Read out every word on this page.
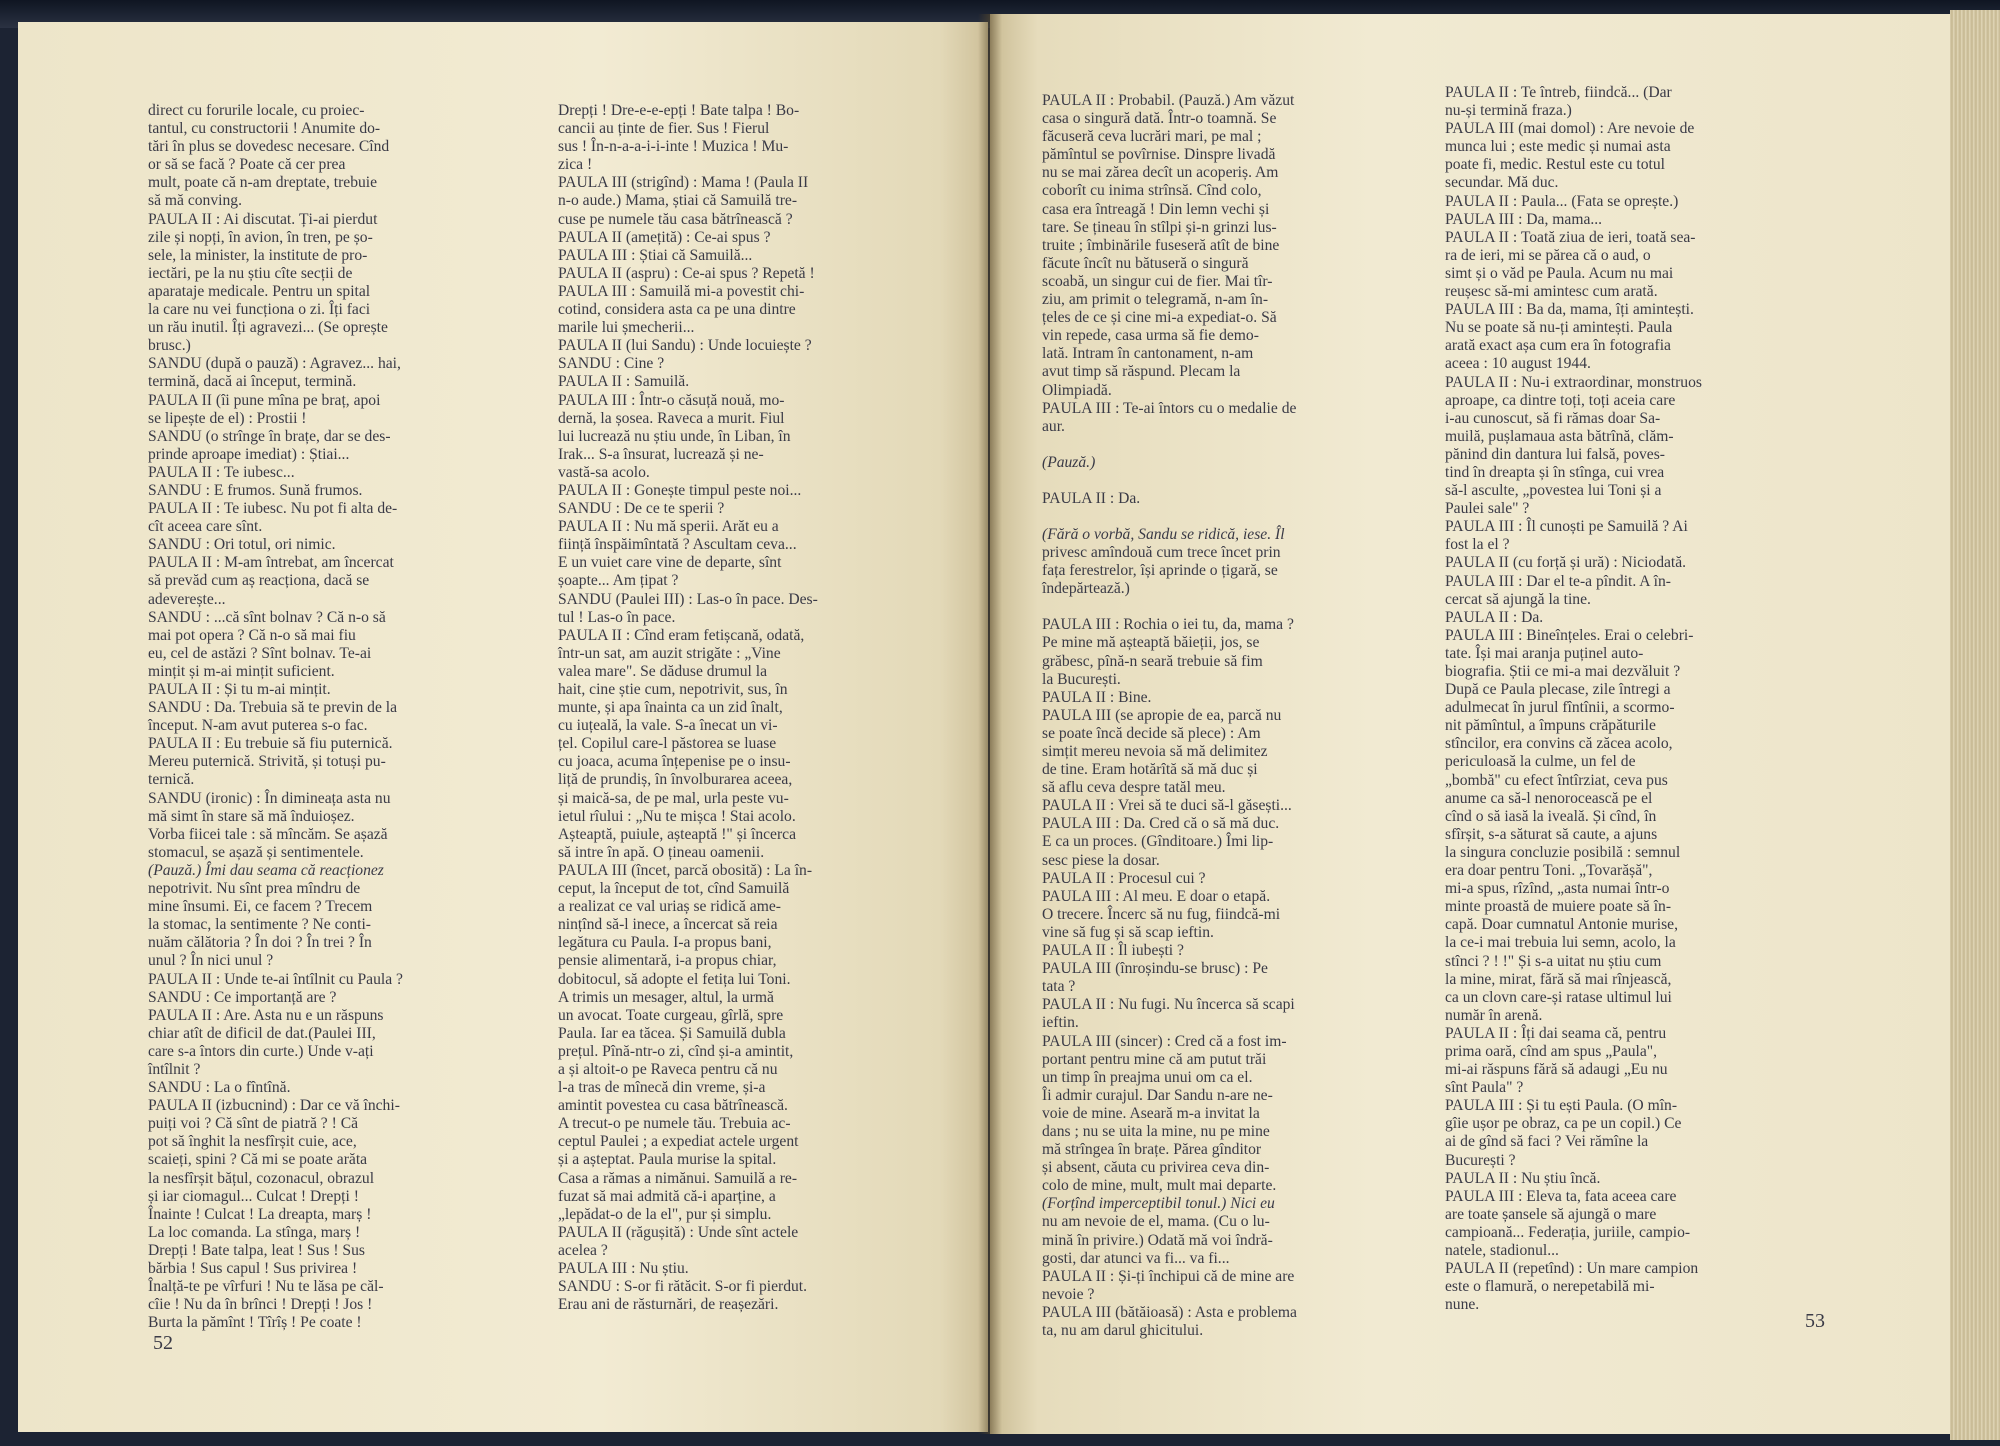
direct cu forurile locale, cu proiec-

tantul, cu constructorii ! Anumite do-

tări în plus se dovedesc necesare. Cînd

or să se facă ? Poate că cer prea

mult, poate că n-am dreptate, trebuie

să mă conving.

PAULA II : Ai discutat. Ți-ai pierdut

zile și nopți, în avion, în tren, pe șo-

sele, la minister, la institute de pro-

iectări, pe la nu știu cîte secții de

aparataje medicale. Pentru un spital

la care nu vei funcționa o zi. Îți faci

un rău inutil. Îți agravezi... (Se oprește

brusc.)

SANDU (după o pauză) : Agravez... hai,

termină, dacă ai început, termină.

PAULA II (îi pune mîna pe braț, apoi

se lipește de el) : Prostii !

SANDU (o strînge în brațe, dar se des-

prinde aproape imediat) : Știai...

PAULA II : Te iubesc...

SANDU : E frumos. Sună frumos.

PAULA II : Te iubesc. Nu pot fi alta de-

cît aceea care sînt.

SANDU : Ori totul, ori nimic.

PAULA II : M-am întrebat, am încercat

să prevăd cum aș reacționa, dacă se

adeverește...

SANDU : ...că sînt bolnav ? Că n-o să

mai pot opera ? Că n-o să mai fiu

eu, cel de astăzi ? Sînt bolnav. Te-ai

mințit și m-ai mințit suficient.

PAULA II : Și tu m-ai mințit.

SANDU : Da. Trebuia să te previn de la

început. N-am avut puterea s-o fac.

PAULA II : Eu trebuie să fiu puternică.

Mereu puternică. Strivită, și totuși pu-

ternică.

SANDU (ironic) : În dimineața asta nu

mă simt în stare să mă înduioșez.

Vorba fiicei tale : să mîncăm. Se așază

stomacul, se așază și sentimentele.

(Pauză.) Îmi dau seama că reacționez

nepotrivit. Nu sînt prea mîndru de

mine însumi. Ei, ce facem ? Trecem

la stomac, la sentimente ? Ne conti-

nuăm călătoria ? În doi ? În trei ? În

unul ? În nici unul ?

PAULA II : Unde te-ai întîlnit cu Paula ?

SANDU : Ce importanță are ?

PAULA II : Are. Asta nu e un răspuns

chiar atît de dificil de dat.(Paulei III,

care s-a întors din curte.) Unde v-ați

întîlnit ?

SANDU : La o fîntînă.

PAULA II (izbucnind) : Dar ce vă închi-

puiți voi ? Că sînt de piatră ? ! Că

pot să înghit la nesfîrșit cuie, ace,

scaieți, spini ? Că mi se poate arăta

la nesfîrșit bățul, cozonacul, obrazul

și iar ciomagul... Culcat ! Drepți !

Înainte ! Culcat ! La dreapta, marș !

La loc comanda. La stînga, marș !

Drepți ! Bate talpa, leat ! Sus ! Sus

bărbia ! Sus capul ! Sus privirea !

Înalță-te pe vîrfuri ! Nu te lăsa pe căl-

cîie ! Nu da în brînci ! Drepți ! Jos !

Burta la pămînt ! Tîrîș ! Pe coate !

Drepți ! Dre-e-e-epți ! Bate talpa ! Bo-

cancii au ținte de fier. Sus ! Fierul

sus ! În-n-a-a-i-i-inte ! Muzica ! Mu-

zica !

PAULA III (strigînd) : Mama ! (Paula II

n-o aude.) Mama, știai că Samuilă tre-

cuse pe numele tău casa bătrînească ?

PAULA II (amețită) : Ce-ai spus ?

PAULA III : Știai că Samuilă...

PAULA II (aspru) : Ce-ai spus ? Repetă !

PAULA III : Samuilă mi-a povestit chi-

cotind, considera asta ca pe una dintre

marile lui șmecherii...

PAULA II (lui Sandu) : Unde locuiește ?

SANDU : Cine ?

PAULA II : Samuilă.

PAULA III : Într-o căsuță nouă, mo-

dernă, la șosea. Raveca a murit. Fiul

lui lucrează nu știu unde, în Liban, în

Irak... S-a însurat, lucrează și ne-

vastă-sa acolo.

PAULA II : Gonește timpul peste noi...

SANDU : De ce te sperii ?

PAULA II : Nu mă sperii. Arăt eu a

ființă înspăimîntată ? Ascultam ceva...

E un vuiet care vine de departe, sînt

șoapte... Am țipat ?

SANDU (Paulei III) : Las-o în pace. Des-

tul ! Las-o în pace.

PAULA II : Cînd eram fetișcană, odată,

într-un sat, am auzit strigăte : „Vine

valea mare". Se dăduse drumul la

hait, cine știe cum, nepotrivit, sus, în

munte, și apa înainta ca un zid înalt,

cu iuțeală, la vale. S-a înecat un vi-

țel. Copilul care-l păstorea se luase

cu joaca, acuma înțepenise pe o insu-

liță de prundiș, în învolburarea aceea,

și maică-sa, de pe mal, urla peste vu-

ietul rîului : „Nu te mișca ! Stai acolo.

Așteaptă, puiule, așteaptă !" și încerca

să intre în apă. O țineau oamenii.

PAULA III (încet, parcă obosită) : La în-

ceput, la început de tot, cînd Samuilă

a realizat ce val uriaș se ridică ame-

nințînd să-l inece, a încercat să reia

legătura cu Paula. I-a propus bani,

pensie alimentară, i-a propus chiar,

dobitocul, să adopte el fetița lui Toni.

A trimis un mesager, altul, la urmă

un avocat. Toate curgeau, gîrlă, spre

Paula. Iar ea tăcea. Și Samuilă dubla

prețul. Pînă-ntr-o zi, cînd și-a amintit,

a și altoit-o pe Raveca pentru că nu

l-a tras de mînecă din vreme, și-a

amintit povestea cu casa bătrînească.

A trecut-o pe numele tău. Trebuia ac-

ceptul Paulei ; a expediat actele urgent

și a așteptat. Paula murise la spital.

Casa a rămas a nimănui. Samuilă a re-

fuzat să mai admită că-i aparține, a

„lepădat-o de la el", pur și simplu.

PAULA II (răgușită) : Unde sînt actele

acelea ?

PAULA III : Nu știu.

SANDU : S-or fi rătăcit. S-or fi pierdut.

Erau ani de răsturnări, de reașezări.

52

PAULA II : Probabil. (Pauză.) Am văzut

casa o singură dată. Într-o toamnă. Se

făcuseră ceva lucrări mari, pe mal ;

pămîntul se povîrnise. Dinspre livadă

nu se mai zărea decît un acoperiș. Am

coborît cu inima strînsă. Cînd colo,

casa era întreagă ! Din lemn vechi și

tare. Se țineau în stîlpi și-n grinzi lus-

truite ; îmbinările fuseseră atît de bine

făcute încît nu bătuseră o singură

scoabă, un singur cui de fier. Mai tîr-

ziu, am primit o telegramă, n-am în-

țeles de ce și cine mi-a expediat-o. Să

vin repede, casa urma să fie demo-

lată. Intram în cantonament, n-am

avut timp să răspund. Plecam la

Olimpiadă.

PAULA III : Te-ai întors cu o medalie de

aur.

(Pauză.)

PAULA II : Da.

(Fără o vorbă, Sandu se ridică, iese. Îl

privesc amîndouă cum trece încet prin

fața ferestrelor, își aprinde o țigară, se

îndepărtează.)

PAULA III : Rochia o iei tu, da, mama ?

Pe mine mă așteaptă băieții, jos, se

grăbesc, pînă-n seară trebuie să fim

la București.

PAULA II : Bine.

PAULA III (se apropie de ea, parcă nu

se poate încă decide să plece) : Am

simțit mereu nevoia să mă delimitez

de tine. Eram hotărîtă să mă duc și

să aflu ceva despre tatăl meu.

PAULA II : Vrei să te duci să-l găsești...

PAULA III : Da. Cred că o să mă duc.

E ca un proces. (Gînditoare.) Îmi lip-

sesc piese la dosar.

PAULA II : Procesul cui ?

PAULA III : Al meu. E doar o etapă.

O trecere. Încerc să nu fug, fiindcă-mi

vine să fug și să scap ieftin.

PAULA II : Îl iubești ?

PAULA III (înroșindu-se brusc) : Pe

tata ?

PAULA II : Nu fugi. Nu încerca să scapi

ieftin.

PAULA III (sincer) : Cred că a fost im-

portant pentru mine că am putut trăi

un timp în preajma unui om ca el.

Îi admir curajul. Dar Sandu n-are ne-

voie de mine. Aseară m-a invitat la

dans ; nu se uita la mine, nu pe mine

mă strîngea în brațe. Părea gînditor

și absent, căuta cu privirea ceva din-

colo de mine, mult, mult mai departe.

(Forțînd imperceptibil tonul.) Nici eu

nu am nevoie de el, mama. (Cu o lu-

mină în privire.) Odată mă voi îndră-

gosti, dar atunci va fi... va fi...

PAULA II : Și-ți închipui că de mine are

nevoie ?

PAULA III (bătăioasă) : Asta e problema

ta, nu am darul ghicitului.

PAULA II : Te întreb, fiindcă... (Dar

nu-și termină fraza.)

PAULA III (mai domol) : Are nevoie de

munca lui ; este medic și numai asta

poate fi, medic. Restul este cu totul

secundar. Mă duc.

PAULA II : Paula... (Fata se oprește.)

PAULA III : Da, mama...

PAULA II : Toată ziua de ieri, toată sea-

ra de ieri, mi se părea că o aud, o

simt și o văd pe Paula. Acum nu mai

reușesc să-mi amintesc cum arată.

PAULA III : Ba da, mama, îți amintești.

Nu se poate să nu-ți amintești. Paula

arată exact așa cum era în fotografia

aceea : 10 august 1944.

PAULA II : Nu-i extraordinar, monstruos

aproape, ca dintre toți, toți aceia care

i-au cunoscut, să fi rămas doar Sa-

muilă, pușlamaua asta bătrînă, clăm-

pănind din dantura lui falsă, poves-

tind în dreapta și în stînga, cui vrea

să-l asculte, „povestea lui Toni și a

Paulei sale" ?

PAULA III : Îl cunoști pe Samuilă ? Ai

fost la el ?

PAULA II (cu forță și ură) : Niciodată.

PAULA III : Dar el te-a pîndit. A în-

cercat să ajungă la tine.

PAULA II : Da.

PAULA III : Bineînțeles. Erai o celebri-

tate. Își mai aranja puținel auto-

biografia. Știi ce mi-a mai dezvăluit ?

După ce Paula plecase, zile întregi a

adulmecat în jurul fîntînii, a scormo-

nit pămîntul, a împuns crăpăturile

stîncilor, era convins că zăcea acolo,

periculoasă la culme, un fel de

„bombă" cu efect întîrziat, ceva pus

anume ca să-l nenorocească pe el

cînd o să iasă la iveală. Și cînd, în

sfîrșit, s-a săturat să caute, a ajuns

la singura concluzie posibilă : semnul

era doar pentru Toni. „Tovarășă",

mi-a spus, rîzînd, „asta numai într-o

minte proastă de muiere poate să în-

capă. Doar cumnatul Antonie murise,

la ce-i mai trebuia lui semn, acolo, la

stînci ? ! !" Și s-a uitat nu știu cum

la mine, mirat, fără să mai rînjească,

ca un clovn care-și ratase ultimul lui

număr în arenă.

PAULA II : Îți dai seama că, pentru

prima oară, cînd am spus „Paula",

mi-ai răspuns fără să adaugi „Eu nu

sînt Paula" ?

PAULA III : Și tu ești Paula. (O mîn-

gîie ușor pe obraz, ca pe un copil.) Ce

ai de gînd să faci ? Vei rămîne la

București ?

PAULA II : Nu știu încă.

PAULA III : Eleva ta, fata aceea care

are toate șansele să ajungă o mare

campioană... Federația, juriile, campio-

natele, stadionul...

PAULA II (repetînd) : Un mare campion

este o flamură, o nerepetabilă mi-

nune.

53
